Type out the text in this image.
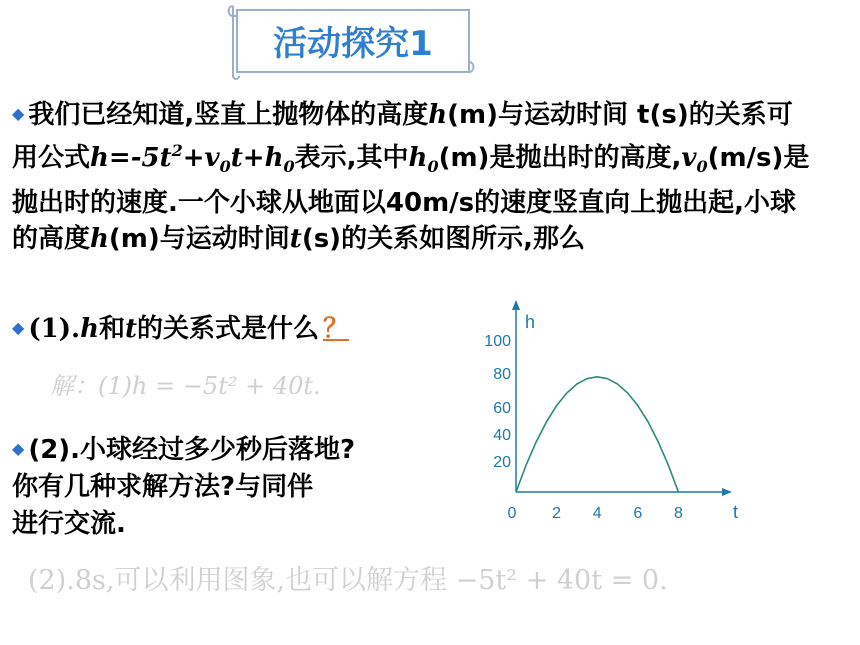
活动探究1
◆ 我们已经知道,竖直上抛物体的高度h(m)与运动时间 t(s)的关系可用公式$h=-5t^2+v_0t+h_0$表示,其中$h_0(m)$是抛出时的高度$,v_0(m/s)$是抛出时的速度.一个小球从地面以40m/s的速度竖直向上抛出起,小球的高度h(m)与运动时间t(s)的关系如图所示,那么
◆ (1).h和t的关系式是什么 ？
解：(1)h = −5t² + 40t.
◆ (2).小球经过多少秒后落地?
你有几种求解方法?与同伴
进行交流.
(2).8s,可以利用图象,也可以解方程 −5t² + 40t = 0.
0 2 4 6 8
20
40
60
80
100
t
h
